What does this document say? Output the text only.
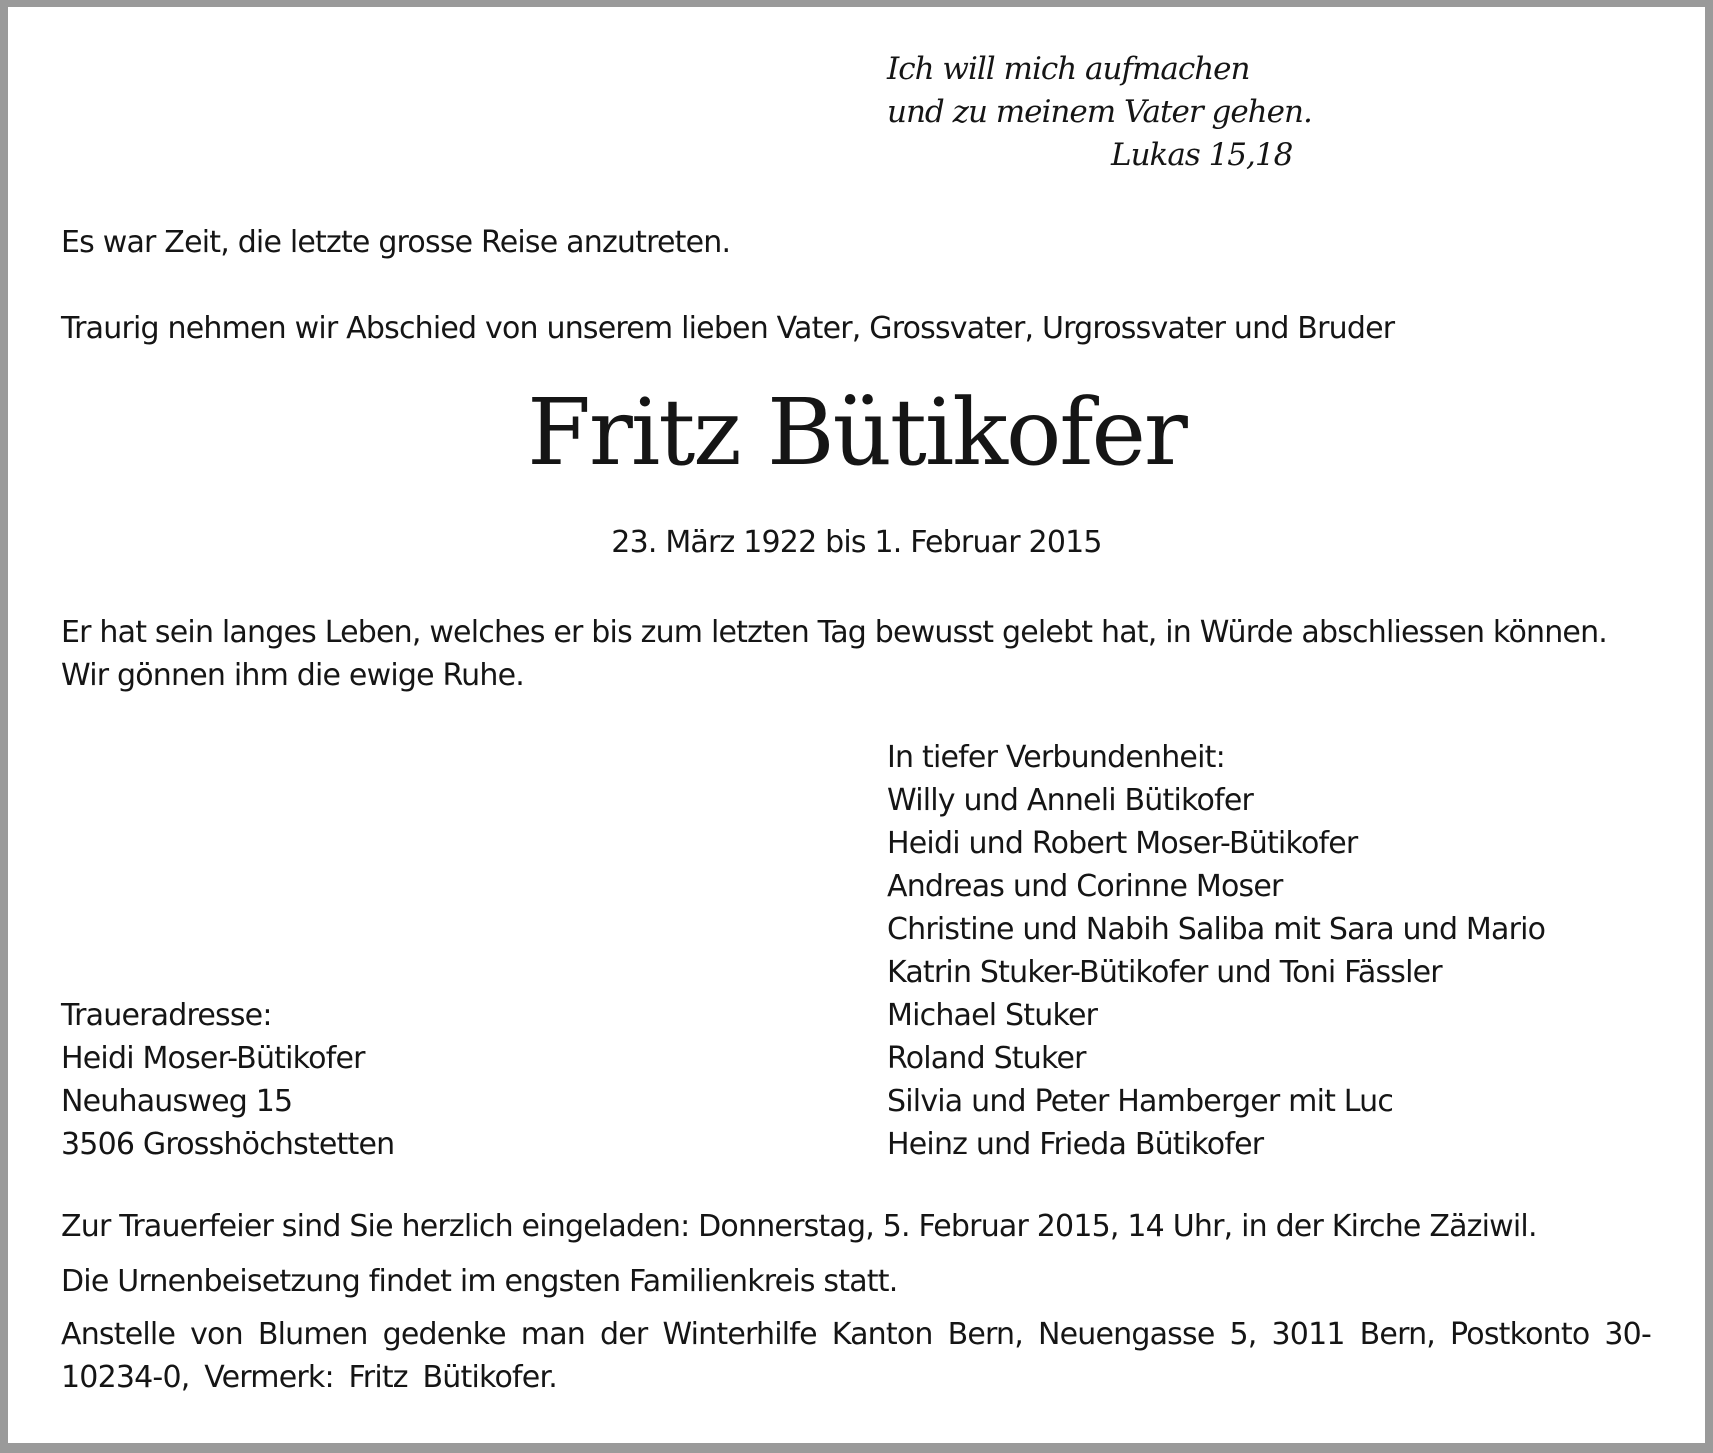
Ich will mich aufmachen
und zu meinem Vater gehen.
Lukas 15,18
Es war Zeit, die letzte grosse Reise anzutreten.
Traurig nehmen wir Abschied von unserem lieben Vater, Grossvater, Urgrossvater und Bruder
Fritz Bütikofer
23. März 1922 bis 1. Februar 2015
Er hat sein langes Leben, welches er bis zum letzten Tag bewusst gelebt hat, in Würde abschliessen können.
Wir gönnen ihm die ewige Ruhe.
In tiefer Verbundenheit:
Willy und Anneli Bütikofer
Heidi und Robert Moser-Bütikofer
Andreas und Corinne Moser
Christine und Nabih Saliba mit Sara und Mario
Katrin Stuker-Bütikofer und Toni Fässler
Michael Stuker
Roland Stuker
Silvia und Peter Hamberger mit Luc
Heinz und Frieda Bütikofer
Traueradresse:
Heidi Moser-Bütikofer
Neuhausweg 15
3506 Grosshöchstetten
Zur Trauerfeier sind Sie herzlich eingeladen: Donnerstag, 5. Februar 2015, 14 Uhr, in der Kirche Zäziwil.
Die Urnenbeisetzung findet im engsten Familienkreis statt.
Anstelle von Blumen gedenke man der Winterhilfe Kanton Bern, Neuengasse 5, 3011 Bern, Postkonto 30-10234-0, Vermerk: Fritz Bütikofer.
